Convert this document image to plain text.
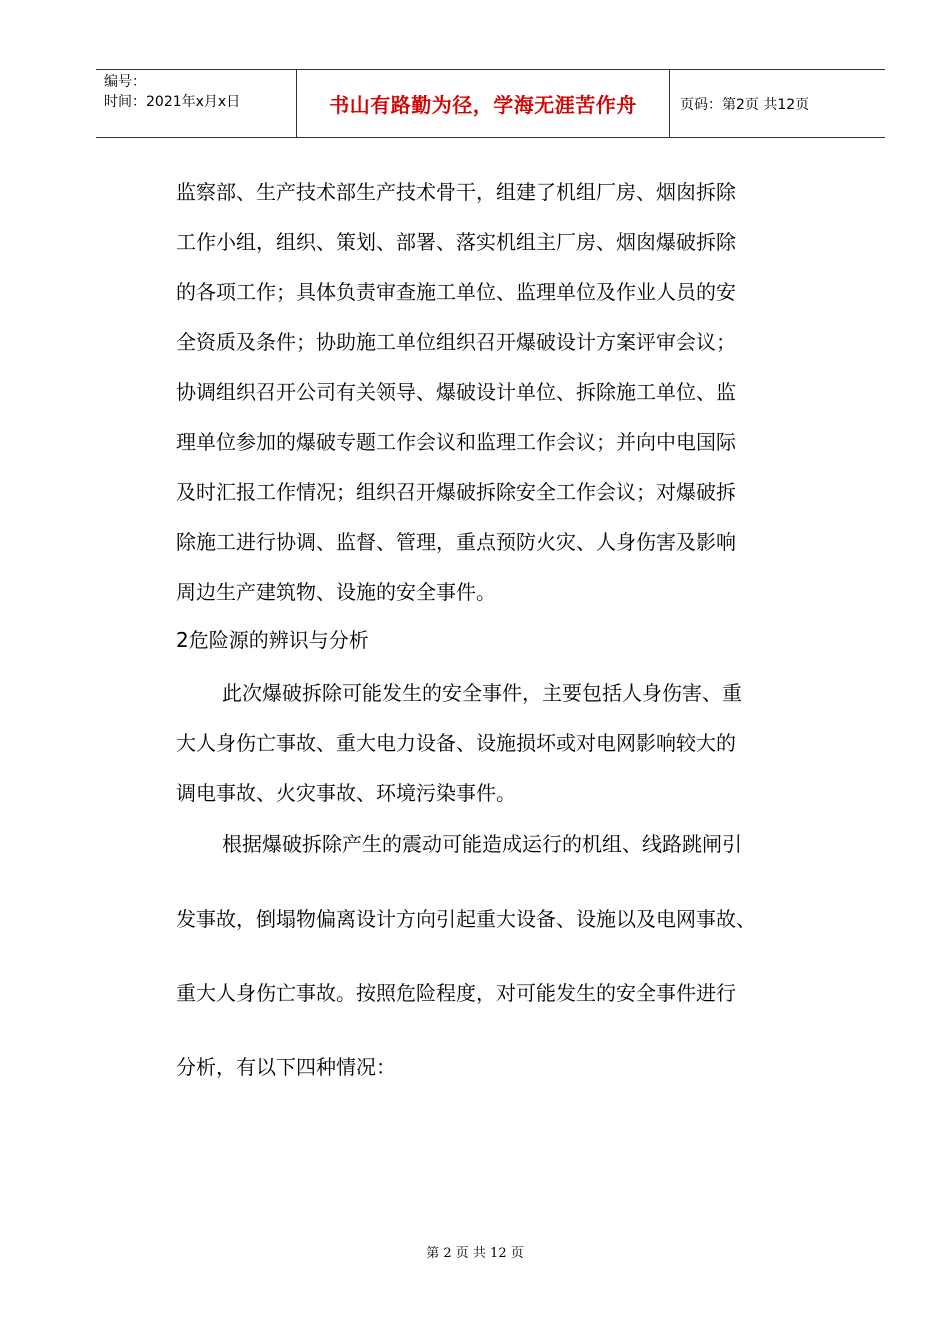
编号：
时间：2021年x月x日	书山有路勤为径，学海无涯苦作舟	页码：第2页 共12页
监察部、生产技术部生产技术骨干，组建了机组厂房、烟囱拆除
工作小组，组织、策划、部署、落实机组主厂房、烟囱爆破拆除
的各项工作；具体负责审查施工单位、监理单位及作业人员的安
全资质及条件；协助施工单位组织召开爆破设计方案评审会议；
协调组织召开公司有关领导、爆破设计单位、拆除施工单位、监
理单位参加的爆破专题工作会议和监理工作会议；并向中电国际
及时汇报工作情况；组织召开爆破拆除安全工作会议；对爆破拆
除施工进行协调、监督、管理，重点预防火灾、人身伤害及影响
周边生产建筑物、设施的安全事件。
2危险源的辨识与分析
此次爆破拆除可能发生的安全事件，主要包括人身伤害、重
大人身伤亡事故、重大电力设备、设施损坏或对电网影响较大的
调电事故、火灾事故、环境污染事件。
根据爆破拆除产生的震动可能造成运行的机组、线路跳闸引
发事故，倒塌物偏离设计方向引起重大设备、设施以及电网事故、
重大人身伤亡事故。按照危险程度，对可能发生的安全事件进行
分析，有以下四种情况：
第 2 页 共 12 页
